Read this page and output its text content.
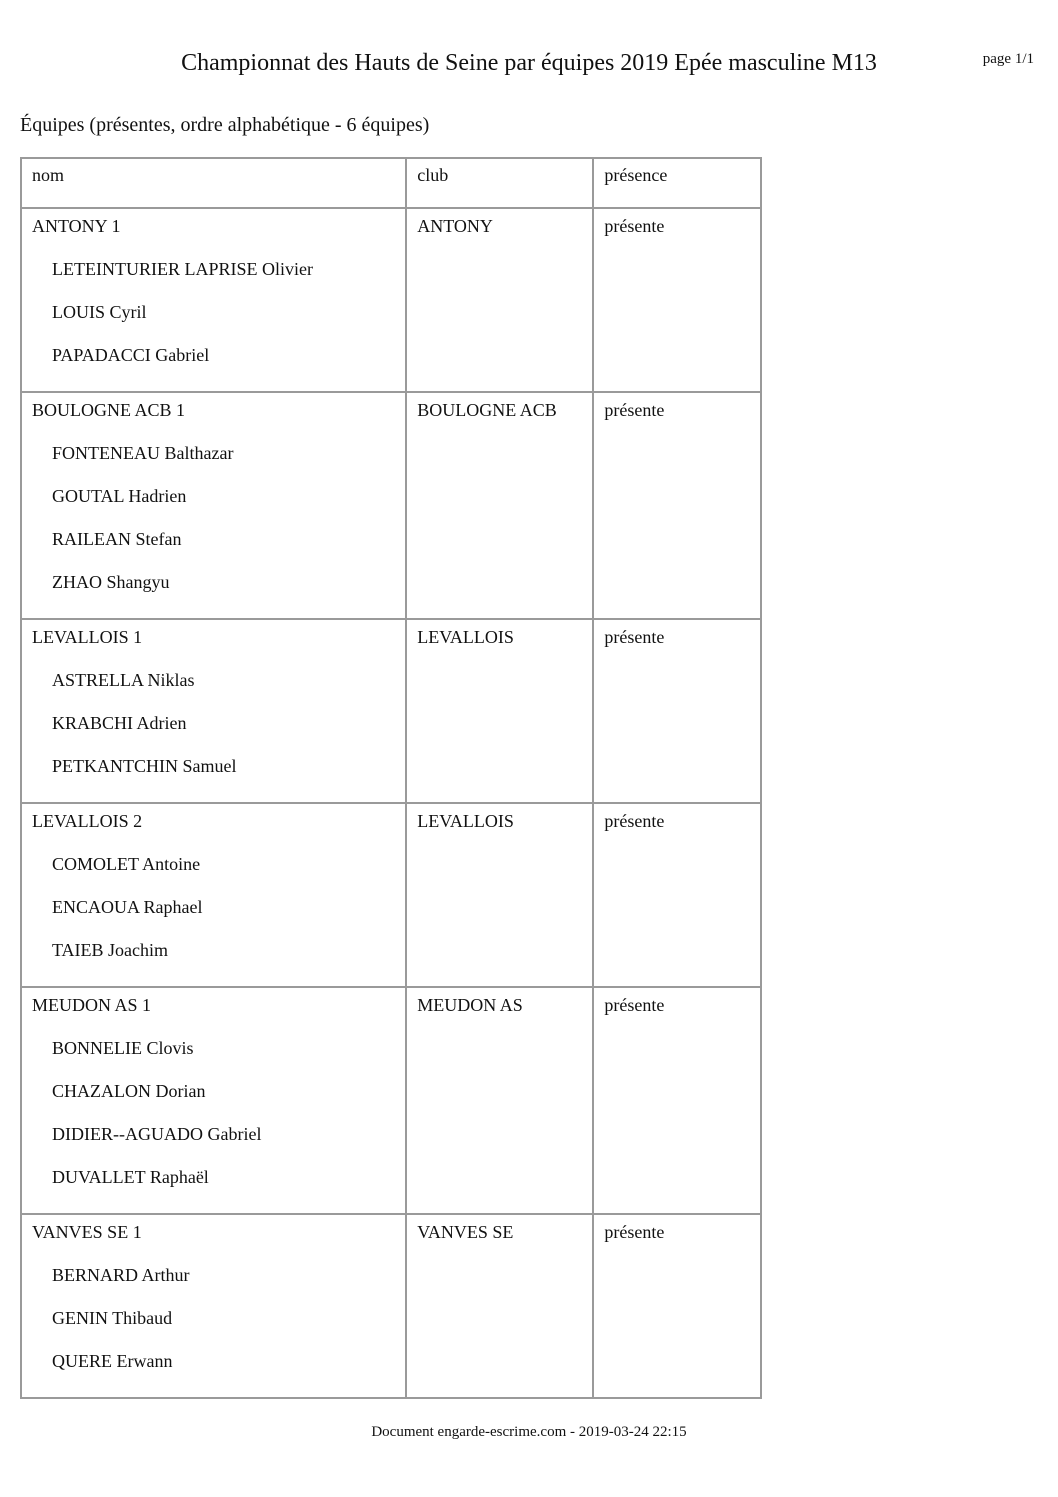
Championnat des Hauts de Seine par équipes 2019 Epée masculine M13	page 1/1
Équipes (présentes, ordre alphabétique - 6 équipes)
nom	club	présence

ANTONY 1
LETEINTURIER LAPRISE Olivier
LOUIS Cyril
PAPADACCI Gabriel	ANTONY	présente

BOULOGNE ACB 1
FONTENEAU Balthazar
GOUTAL Hadrien
RAILEAN Stefan
ZHAO Shangyu	BOULOGNE ACB	présente

LEVALLOIS 1
ASTRELLA Niklas
KRABCHI Adrien
PETKANTCHIN Samuel	LEVALLOIS	présente

LEVALLOIS 2
COMOLET Antoine
ENCAOUA Raphael
TAIEB Joachim	LEVALLOIS	présente

MEUDON AS 1
BONNELIE Clovis
CHAZALON Dorian
DIDIER--AGUADO Gabriel
DUVALLET Raphaël	MEUDON AS	présente

VANVES SE 1
BERNARD Arthur
GENIN Thibaud
QUERE Erwann	VANVES SE	présente
Document engarde-escrime.com - 2019-03-24 22:15
